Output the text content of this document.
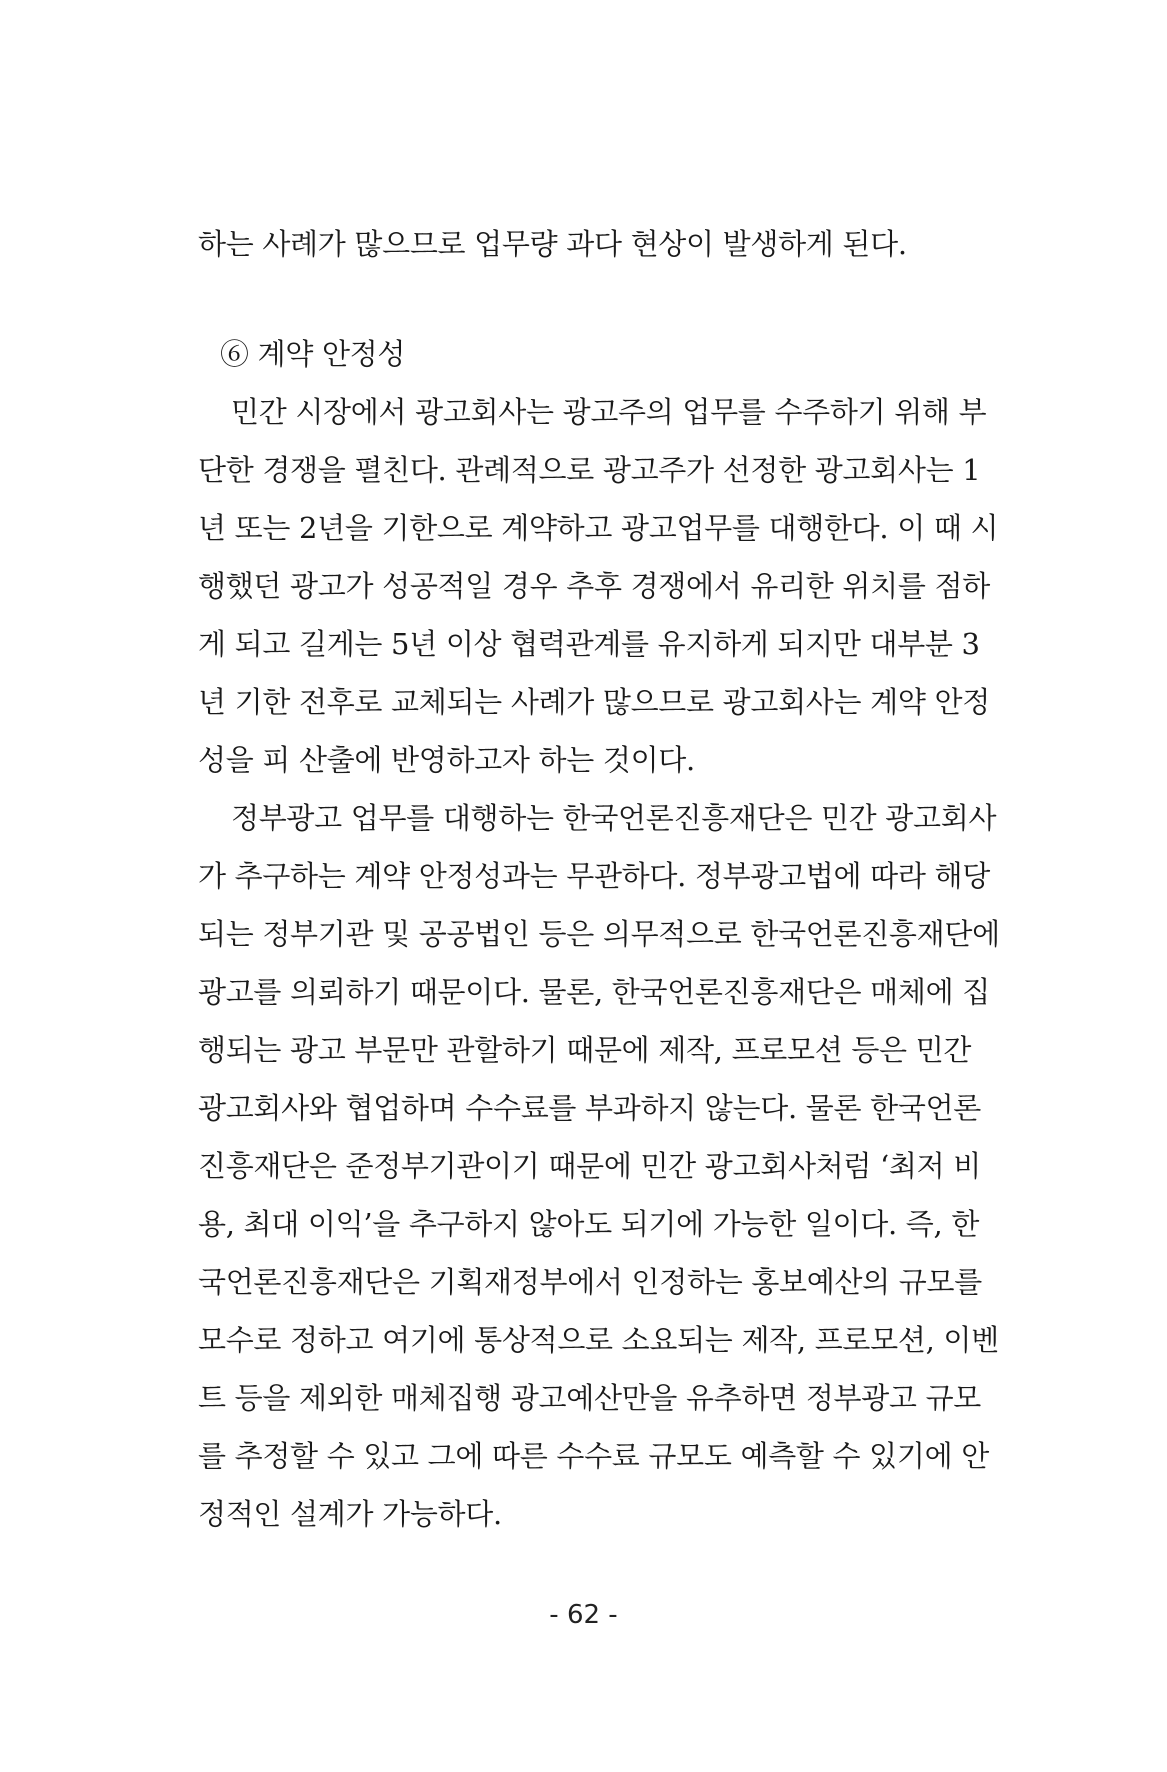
하는 사례가 많으므로 업무량 과다 현상이 발생하게 된다.
⑥ 계약 안정성
민간 시장에서 광고회사는 광고주의 업무를 수주하기 위해 부
단한 경쟁을 펼친다. 관례적으로 광고주가 선정한 광고회사는 1
년 또는 2년을 기한으로 계약하고 광고업무를 대행한다. 이 때 시
행했던 광고가 성공적일 경우 추후 경쟁에서 유리한 위치를 점하
게 되고 길게는 5년 이상 협력관계를 유지하게 되지만 대부분 3
년 기한 전후로 교체되는 사례가 많으므로 광고회사는 계약 안정
성을 피 산출에 반영하고자 하는 것이다.
정부광고 업무를 대행하는 한국언론진흥재단은 민간 광고회사
가 추구하는 계약 안정성과는 무관하다. 정부광고법에 따라 해당
되는 정부기관 및 공공법인 등은 의무적으로 한국언론진흥재단에
광고를 의뢰하기 때문이다. 물론, 한국언론진흥재단은 매체에 집
행되는 광고 부문만 관할하기 때문에 제작, 프로모션 등은 민간
광고회사와 협업하며 수수료를 부과하지 않는다. 물론 한국언론
진흥재단은 준정부기관이기 때문에 민간 광고회사처럼 ‘최저 비
용, 최대 이익’을 추구하지 않아도 되기에 가능한 일이다. 즉, 한
국언론진흥재단은 기획재정부에서 인정하는 홍보예산의 규모를
모수로 정하고 여기에 통상적으로 소요되는 제작, 프로모션, 이벤
트 등을 제외한 매체집행 광고예산만을 유추하면 정부광고 규모
를 추정할 수 있고 그에 따른 수수료 규모도 예측할 수 있기에 안
정적인 설계가 가능하다.
- 62 -
